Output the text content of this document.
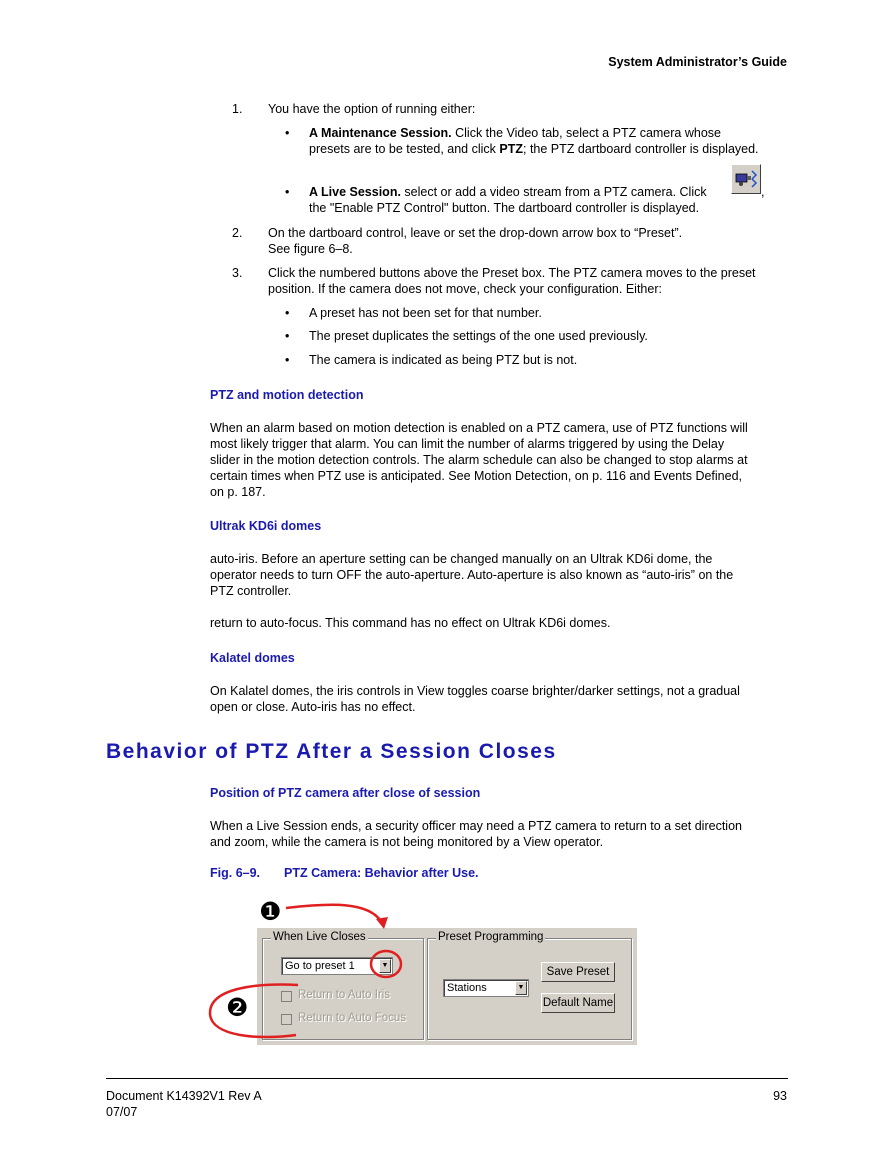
System Administrator’s Guide
1. You have the option of running either:
• A Maintenance Session. Click the Video tab, select a PTZ camera whose
presets are to be tested, and click PTZ; the PTZ dartboard controller is displayed.
• A Live Session. select or add a video stream from a PTZ camera. Click	,
the "Enable PTZ Control" button. The dartboard controller is displayed.
2. On the dartboard control, leave or set the drop-down arrow box to “Preset”.
See figure 6–8.
3. Click the numbered buttons above the Preset box. The PTZ camera moves to the preset
position. If the camera does not move, check your configuration. Either:
• A preset has not been set for that number.
• The preset duplicates the settings of the one used previously.
• The camera is indicated as being PTZ but is not.
PTZ and motion detection
When an alarm based on motion detection is enabled on a PTZ camera, use of PTZ functions will
most likely trigger that alarm. You can limit the number of alarms triggered by using the Delay
slider in the motion detection controls. The alarm schedule can also be changed to stop alarms at
certain times when PTZ use is anticipated. See Motion Detection, on p. 116 and Events Defined,
on p. 187.
Ultrak KD6i domes
auto-iris. Before an aperture setting can be changed manually on an Ultrak KD6i dome, the
operator needs to turn OFF the auto-aperture. Auto-aperture is also known as “auto-iris” on the
PTZ controller.
return to auto-focus. This command has no effect on Ultrak KD6i domes.
Kalatel domes
On Kalatel domes, the iris controls in View toggles coarse brighter/darker settings, not a gradual
open or close. Auto-iris has no effect.
Behavior of PTZ After a Session Closes
Position of PTZ camera after close of session
When a Live Session ends, a security officer may need a PTZ camera to return to a set direction
and zoom, while the camera is not being monitored by a View operator.
Fig. 6–9. PTZ Camera: Behavior after Use.
When Live Closes
Go to preset 1	▼
Return to Auto Iris
Return to Auto Focus
Preset Programming
Stations	▼
Save Preset
Default Name
❶
❷
Document K14392V1 Rev A
07/07
93
